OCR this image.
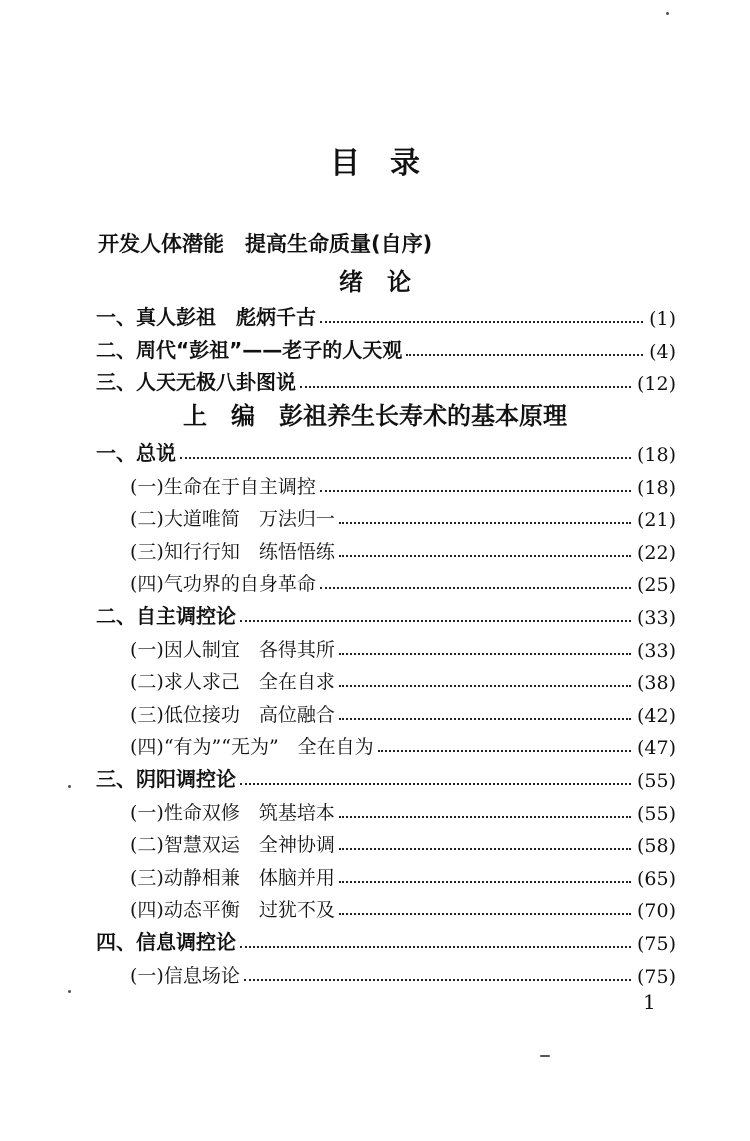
目　录
开发人体潜能　提高生命质量(自序)
绪　论
一、真人彭祖　彪炳千古	(1)
二、周代“彭祖”——老子的人天观	(4)
三、人天无极八卦图说	(12)
上　编　彭祖养生长寿术的基本原理
一、总说	(18)
(一)生命在于自主调控	(18)
(二)大道唯简　万法归一	(21)
(三)知行行知　练悟悟练	(22)
(四)气功界的自身革命	(25)
二、自主调控论	(33)
(一)因人制宜　各得其所	(33)
(二)求人求己　全在自求	(38)
(三)低位接功　高位融合	(42)
(四)“有为”“无为”　全在自为	(47)
三、阴阳调控论	(55)
(一)性命双修　筑基培本	(55)
(二)智慧双运　全神协调	(58)
(三)动静相兼　体脑并用	(65)
(四)动态平衡　过犹不及	(70)
四、信息调控论	(75)
(一)信息场论	(75)
1
